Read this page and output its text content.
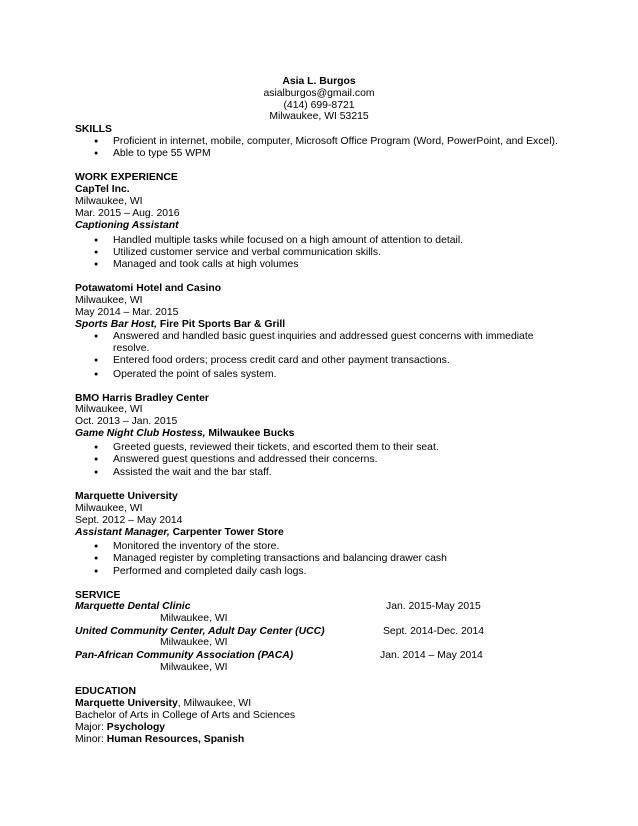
Asia L. Burgos
asialburgos@gmail.com
(414) 699-8721
Milwaukee, WI 53215
SKILLS
● Proficient in internet, mobile, computer, Microsoft Office Program (Word, PowerPoint, and Excel).
● Able to type 55 WPM
WORK EXPERIENCE
CapTel Inc.
Milwaukee, WI
Mar. 2015 – Aug. 2016
Captioning Assistant
● Handled multiple tasks while focused on a high amount of attention to detail.
● Utilized customer service and verbal communication skills.
● Managed and took calls at high volumes
Potawatomi Hotel and Casino
Milwaukee, WI
May 2014 – Mar. 2015
Sports Bar Host, Fire Pit Sports Bar & Grill
● Answered and handled basic guest inquiries and addressed guest concerns with immediate
resolve.
● Entered food orders; process credit card and other payment transactions.
● Operated the point of sales system.
BMO Harris Bradley Center
Milwaukee, WI
Oct. 2013 – Jan. 2015
Game Night Club Hostess, Milwaukee Bucks
● Greeted guests, reviewed their tickets, and escorted them to their seat.
● Answered guest questions and addressed their concerns.
● Assisted the wait and the bar staff.
Marquette University
Milwaukee, WI
Sept. 2012 – May 2014
Assistant Manager, Carpenter Tower Store
● Monitored the inventory of the store.
● Managed register by completing transactions and balancing drawer cash
● Performed and completed daily cash logs.
SERVICE
Marquette Dental Clinic	Jan. 2015-May 2015
Milwaukee, WI
United Community Center, Adult Day Center (UCC)	Sept. 2014-Dec. 2014
Milwaukee, WI
Pan-African Community Association (PACA)	Jan. 2014 – May 2014
Milwaukee, WI
EDUCATION
Marquette University, Milwaukee, WI
Bachelor of Arts in College of Arts and Sciences
Major: Psychology
Minor: Human Resources, Spanish
